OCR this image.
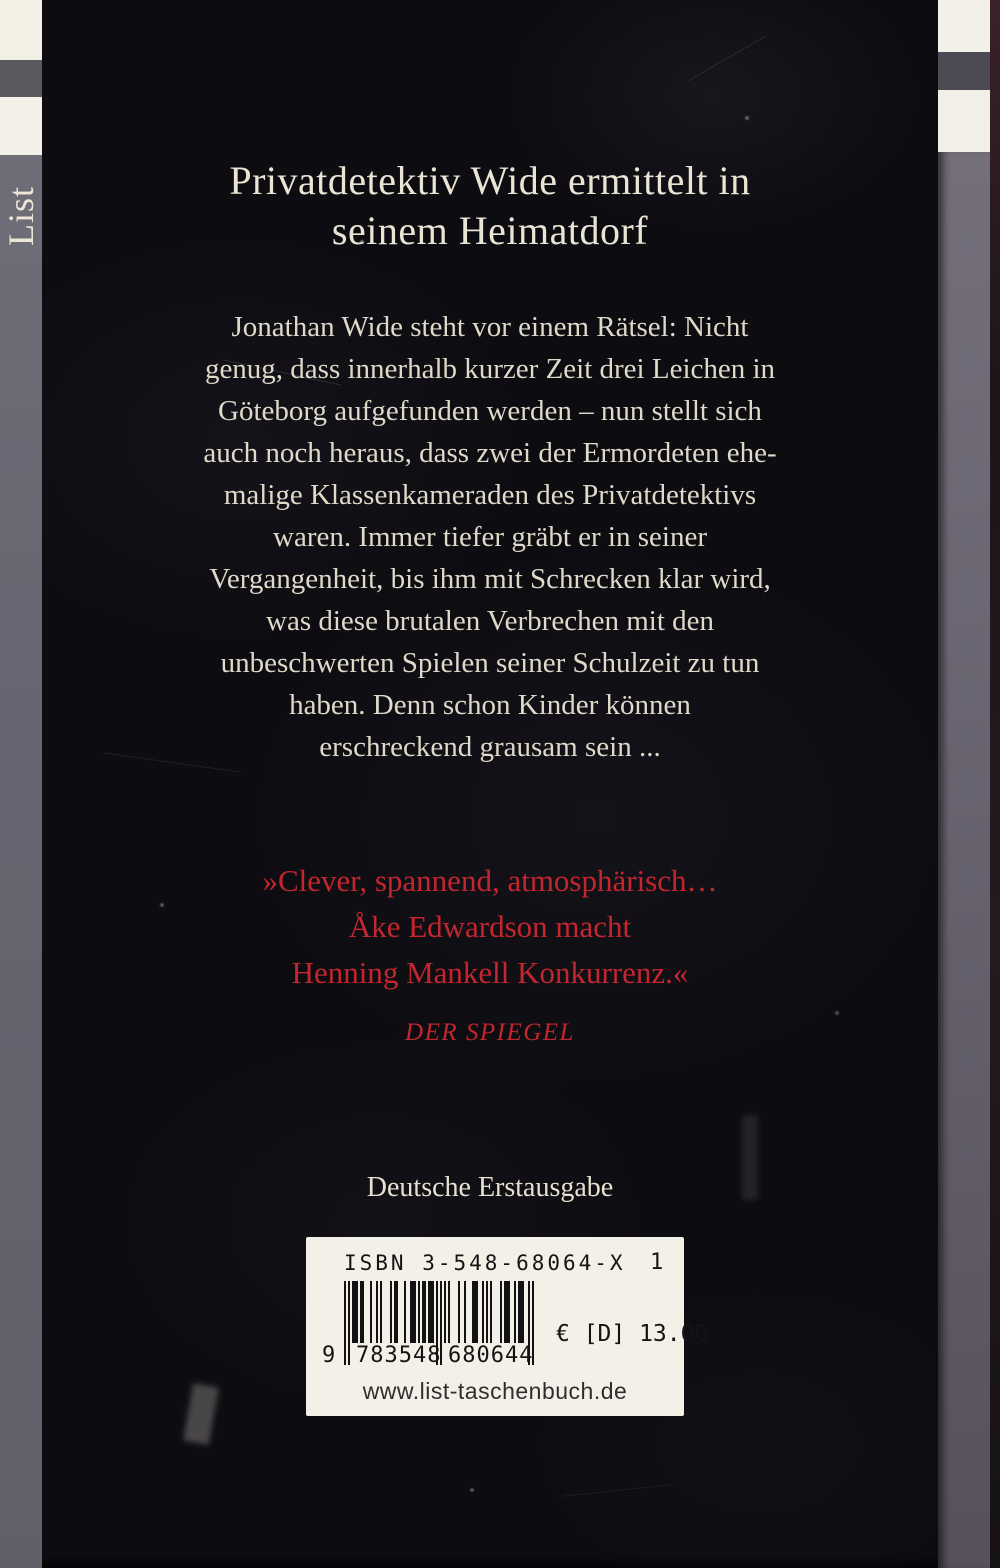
List
Privatdetektiv Wide ermittelt in
seinem Heimatdorf
Jonathan Wide steht vor einem Rätsel: Nicht
genug, dass innerhalb kurzer Zeit drei Leichen in
Göteborg aufgefunden werden – nun stellt sich
auch noch heraus, dass zwei der Ermordeten ehe-
malige Klassenkameraden des Privatdetektivs
waren. Immer tiefer gräbt er in seiner
Vergangenheit, bis ihm mit Schrecken klar wird,
was diese brutalen Verbrechen mit den
unbeschwerten Spielen seiner Schulzeit zu tun
haben. Denn schon Kinder können
erschreckend grausam sein ...
»Clever, spannend, atmosphärisch…
Åke Edwardson macht
Henning Mankell Konkurrenz.«
DER SPIEGEL
Deutsche Erstausgabe
ISBN 3-548-68064-X 1
9 783548 680644
€ [D] 13.00
www.list-taschenbuch.de
